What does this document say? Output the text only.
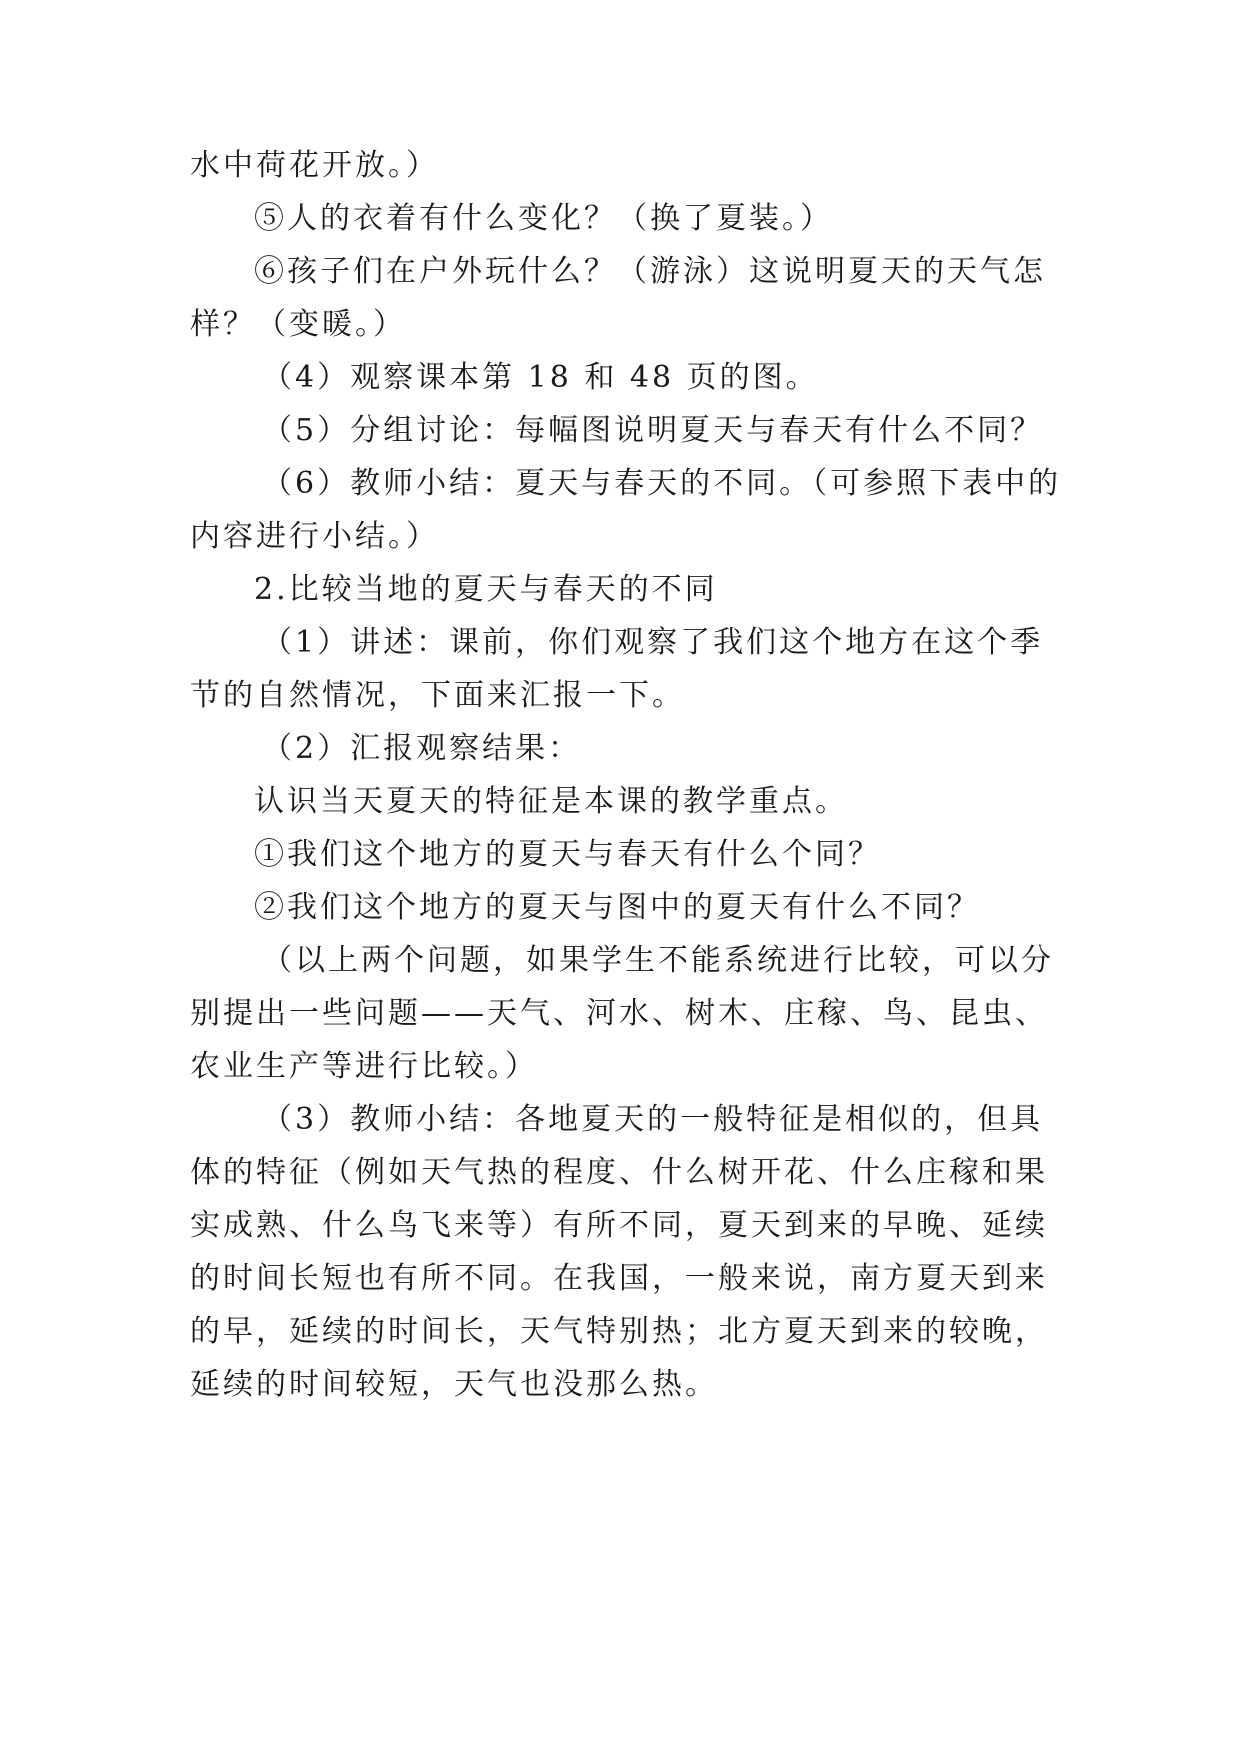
水中荷花开放。）
⑤人的衣着有什么变化？（换了夏装。）
⑥孩子们在户外玩什么？（游泳）这说明夏天的天气怎
样？（变暖。）
（4）观察课本第 18 和 48 页的图。
（5）分组讨论：每幅图说明夏天与春天有什么不同？
（6）教师小结：夏天与春天的不同。（可参照下表中的
内容进行小结。）
2.比较当地的夏天与春天的不同
（1）讲述：课前，你们观察了我们这个地方在这个季
节的自然情况，下面来汇报一下。
（2）汇报观察结果：
认识当天夏天的特征是本课的教学重点。
①我们这个地方的夏天与春天有什么个同？
②我们这个地方的夏天与图中的夏天有什么不同？
（以上两个问题，如果学生不能系统进行比较，可以分
别提出一些问题——天气、河水、树木、庄稼、鸟、昆虫、
农业生产等进行比较。）
（3）教师小结：各地夏天的一般特征是相似的，但具
体的特征（例如天气热的程度、什么树开花、什么庄稼和果
实成熟、什么鸟飞来等）有所不同，夏天到来的早晚、延续
的时间长短也有所不同。在我国，一般来说，南方夏天到来
的早，延续的时间长，天气特别热；北方夏天到来的较晚，
延续的时间较短，天气也没那么热。
